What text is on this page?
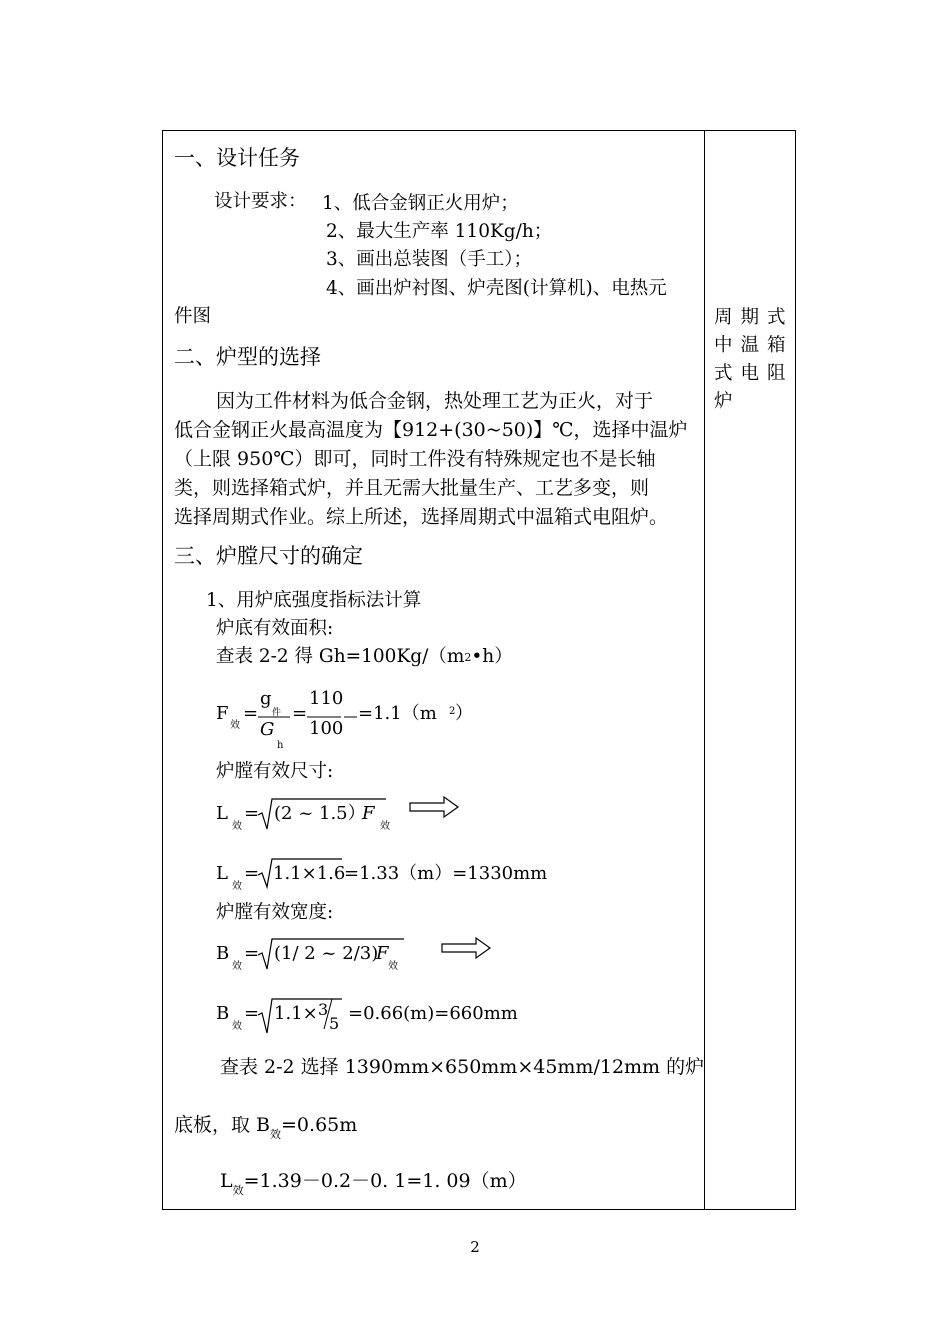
一、设计任务
设计要求： 1、低合金钢正火用炉；
2、最大生产率 110Kg/h；
3、画出总装图（手工）；
4、画出炉衬图、炉壳图(计算机)、电热元
件图
二、炉型的选择
因为工件材料为低合金钢，热处理工艺为正火，对于
低合金钢正火最高温度为【912+(30~50)】℃，选择中温炉
（上限 950℃）即可，同时工件没有特殊规定也不是长轴
类，则选择箱式炉，并且无需大批量生产、工艺多变，则
选择周期式作业。综上所述，选择周期式中温箱式电阻炉。
三、炉膛尺寸的确定
1、用炉底强度指标法计算
炉底有效面积:
查表 2-2 得 Gh=100Kg/（m2•h）
F
效
=
g
件
G
h
=
110
100
=1.1（m 2 ）
炉膛有效尺寸:
L
效
= (2 ~ 1.5）
F
效
L
效
= 1.1×1.6
=1.33（m）=1330mm
炉膛有效宽度:
B
效
= (1/ 2 ~ 2/3)
F
效
B
效
= 1.1× 3
5 =0.66(m)=660mm
查表 2-2 选择 1390mm×650mm×45mm/12mm 的炉
底板，取 $B_效=0.65m$
$L_效=1.39-0.2-0$. 1=1. 09（m）
周期式
中温箱
式电阻
炉
2
